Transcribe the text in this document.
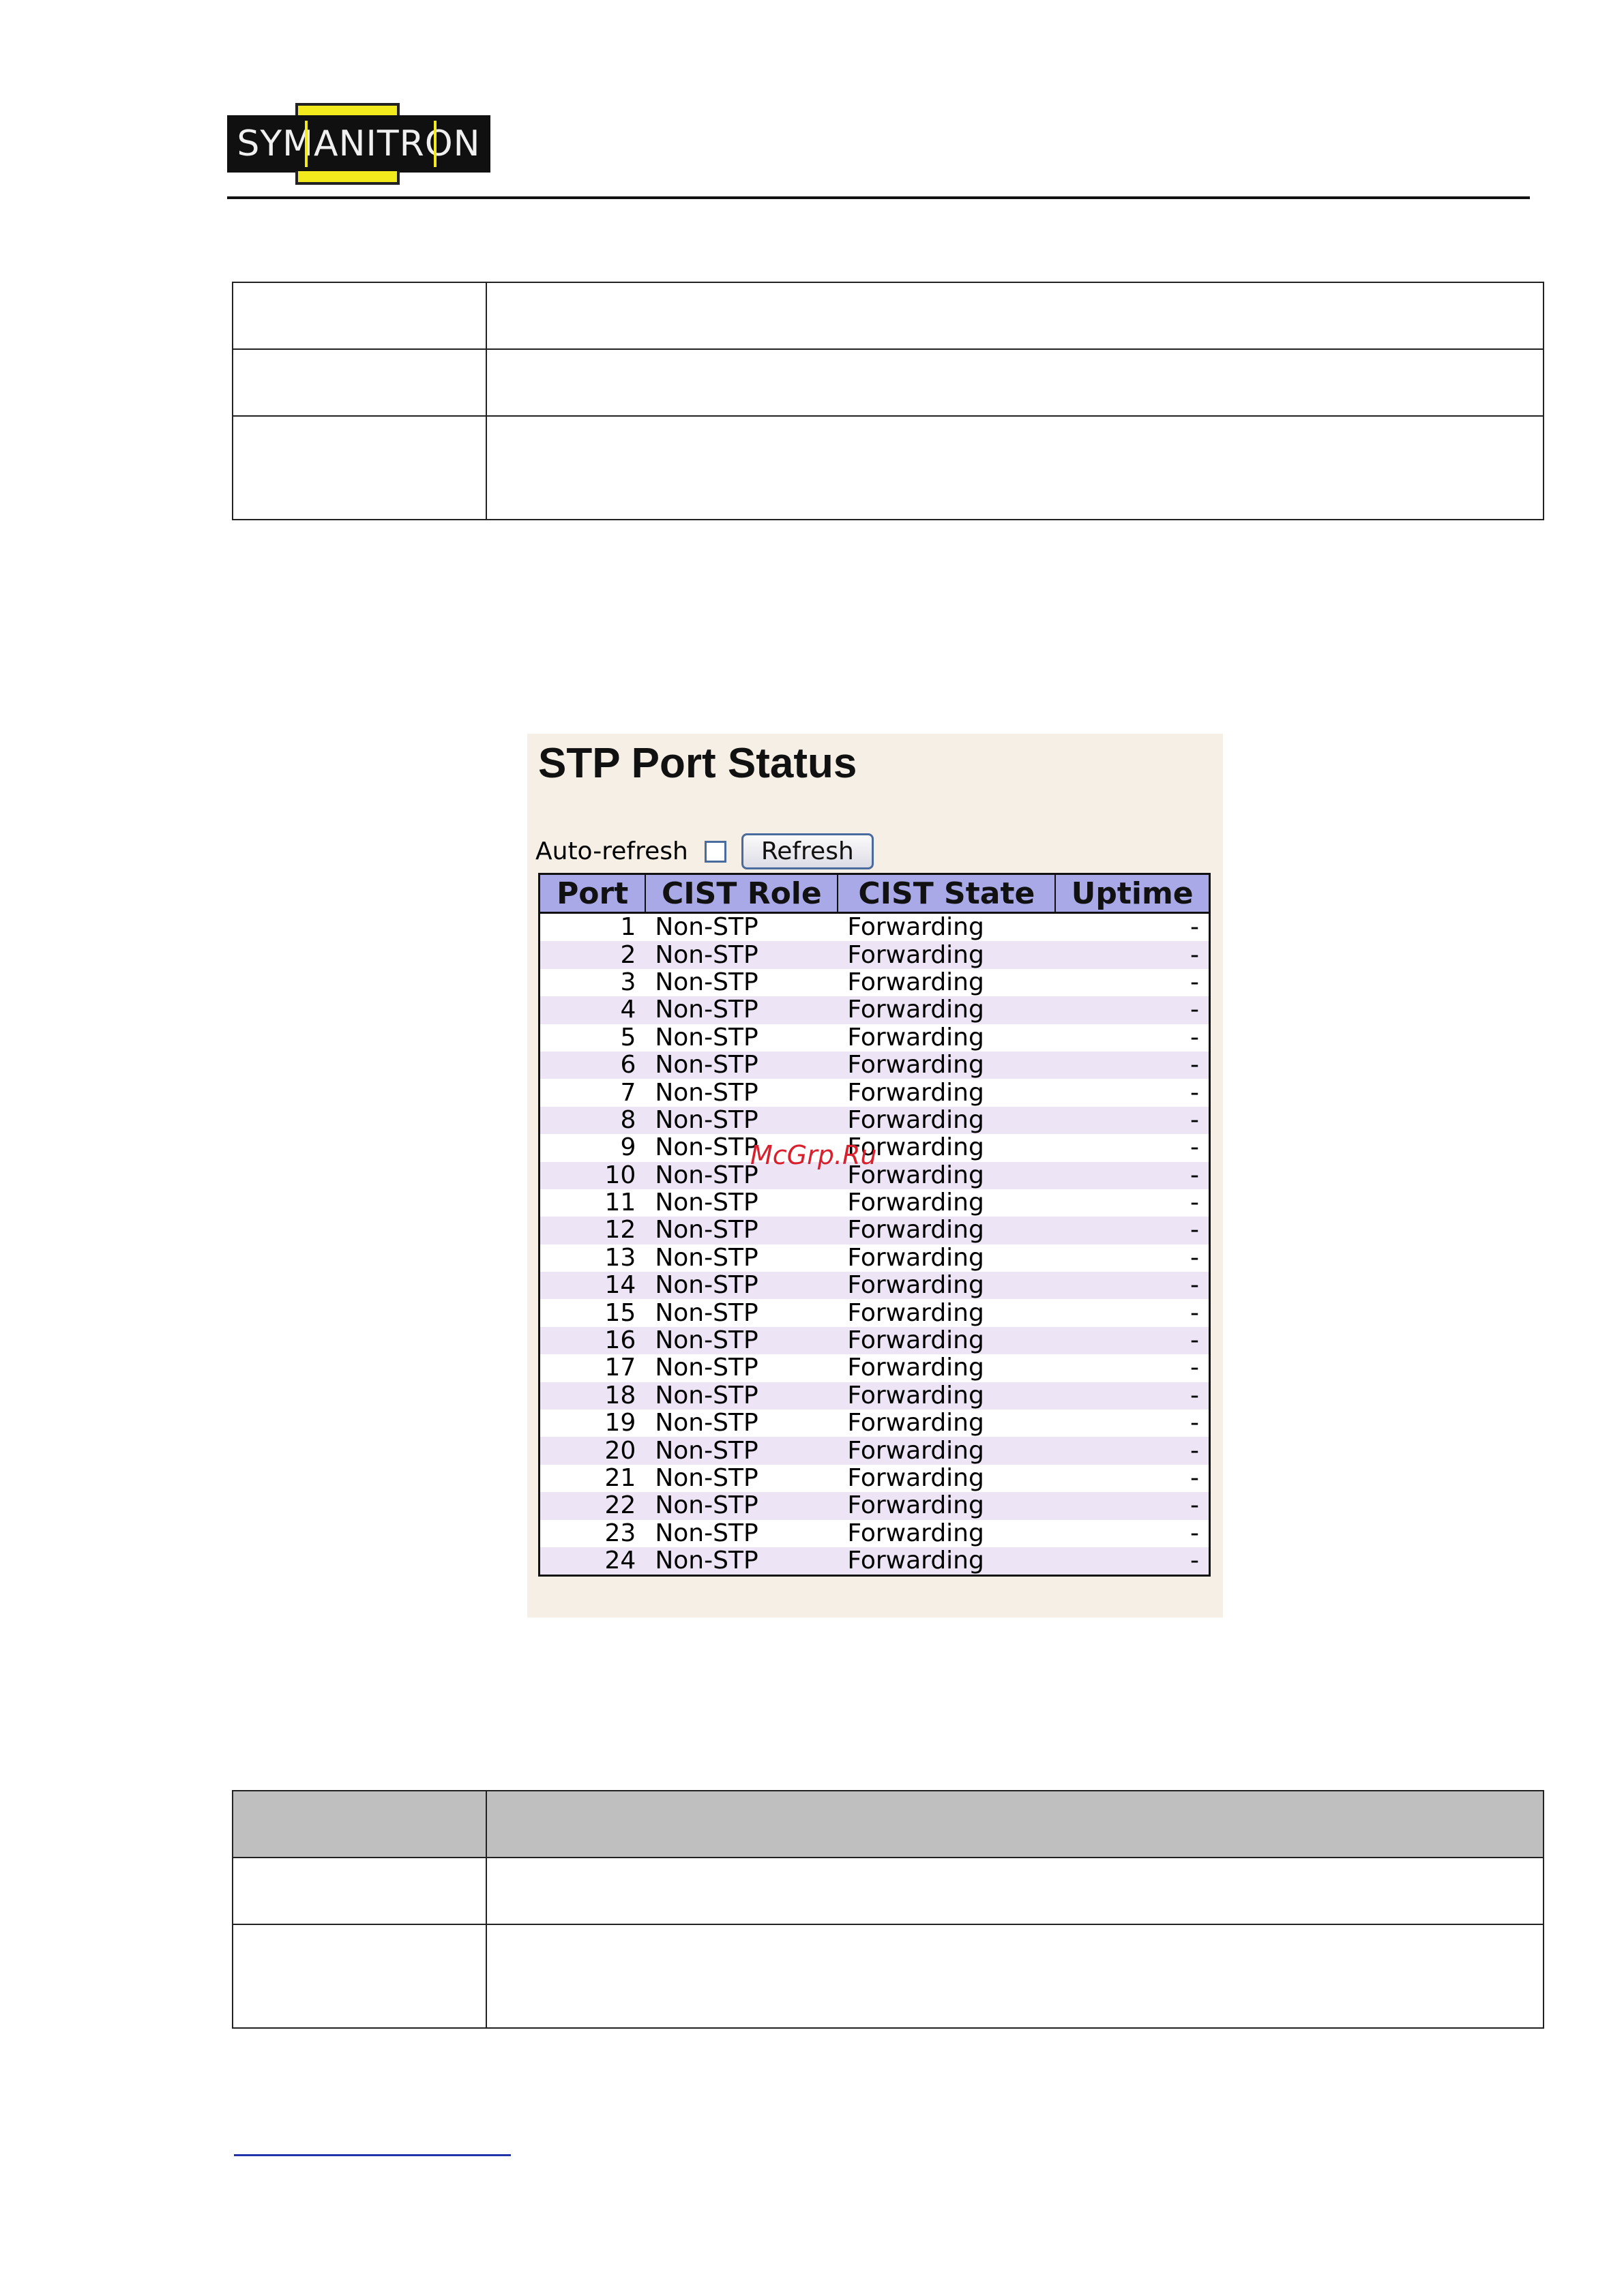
SYMANITRON

STP Port Status
Auto-refresh	Refresh
Port	CIST Role	CIST State	Uptime
1	Non-STP	Forwarding	-
2	Non-STP	Forwarding	-
3	Non-STP	Forwarding	-
4	Non-STP	Forwarding	-
5	Non-STP	Forwarding	-
6	Non-STP	Forwarding	-
7	Non-STP	Forwarding	-
8	Non-STP	Forwarding	-
9	Non-STP	Forwarding	-
10	Non-STP	Forwarding	-
11	Non-STP	Forwarding	-
12	Non-STP	Forwarding	-
13	Non-STP	Forwarding	-
14	Non-STP	Forwarding	-
15	Non-STP	Forwarding	-
16	Non-STP	Forwarding	-
17	Non-STP	Forwarding	-
18	Non-STP	Forwarding	-
19	Non-STP	Forwarding	-
20	Non-STP	Forwarding	-
21	Non-STP	Forwarding	-
22	Non-STP	Forwarding	-
23	Non-STP	Forwarding	-
24	Non-STP	Forwarding	-
McGrp.Ru
